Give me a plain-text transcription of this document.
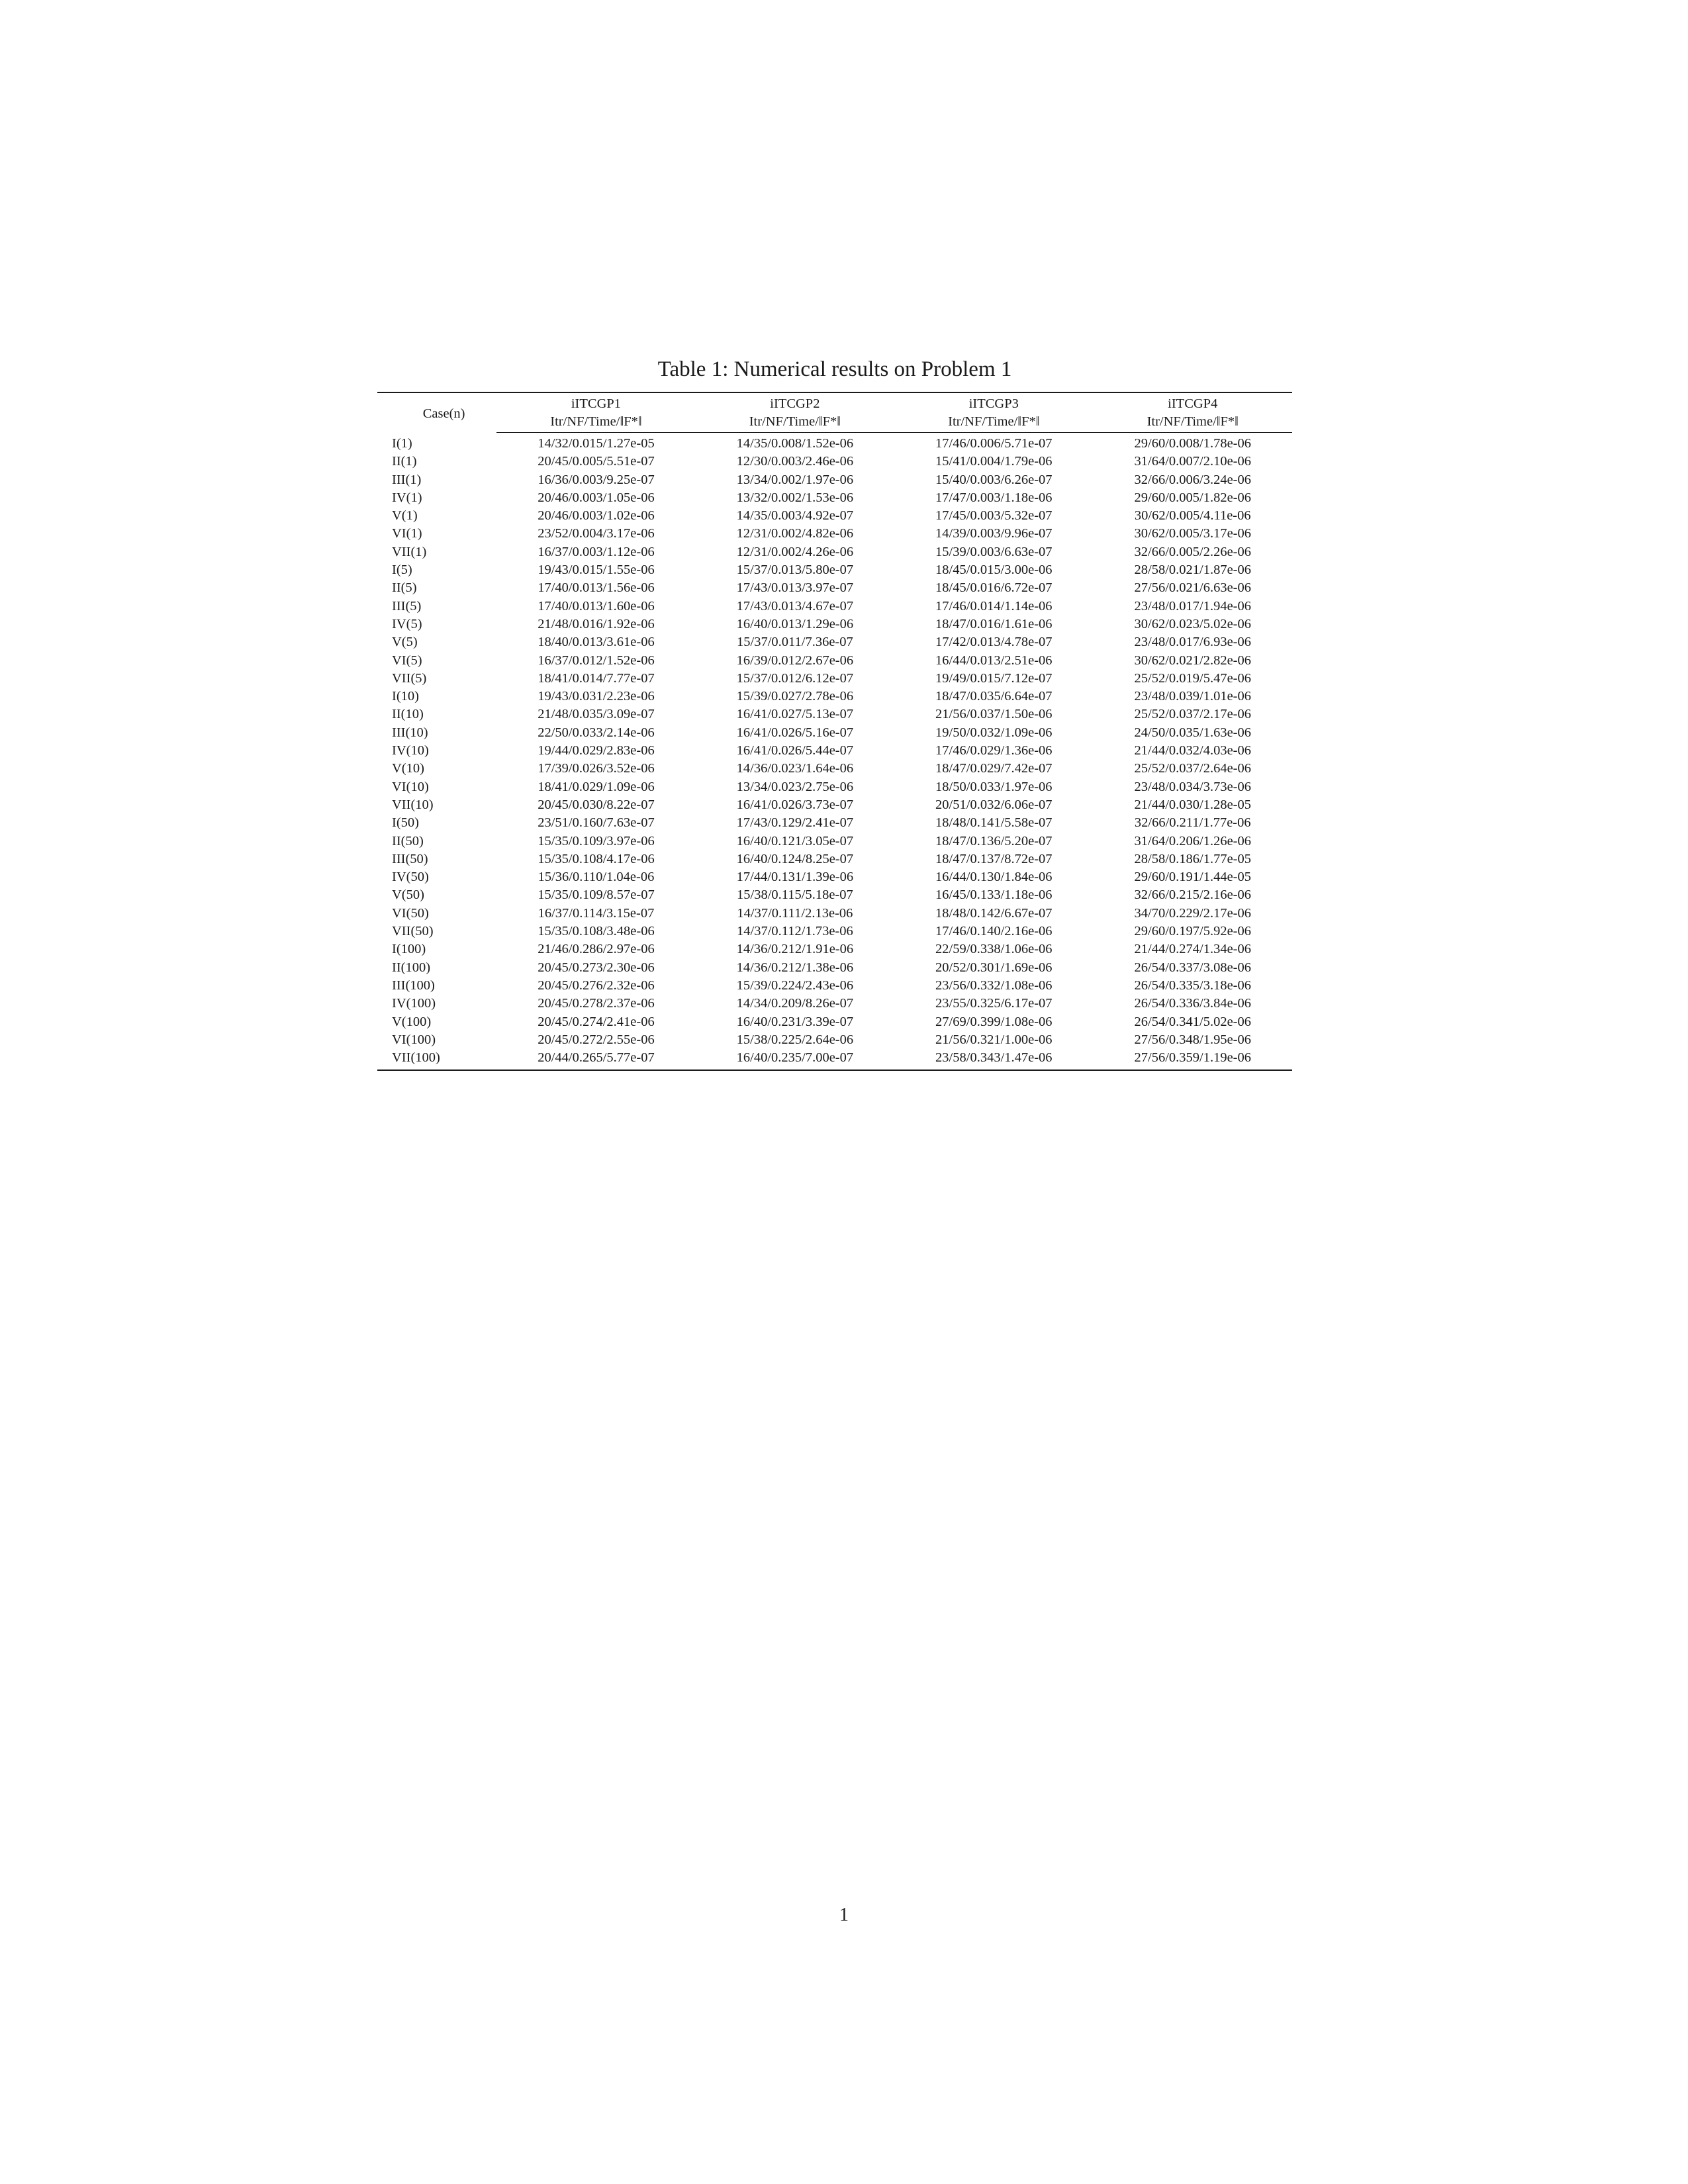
Table 1: Numerical results on Problem 1
Case(n)	iITCGP1	iITCGP2	iITCGP3	iITCGP4
	Itr/NF/Time/‖F*‖	Itr/NF/Time/‖F*‖	Itr/NF/Time/‖F*‖	Itr/NF/Time/‖F*‖
I(1)	14/32/0.015/1.27e-05	14/35/0.008/1.52e-06	17/46/0.006/5.71e-07	29/60/0.008/1.78e-06
II(1)	20/45/0.005/5.51e-07	12/30/0.003/2.46e-06	15/41/0.004/1.79e-06	31/64/0.007/2.10e-06
III(1)	16/36/0.003/9.25e-07	13/34/0.002/1.97e-06	15/40/0.003/6.26e-07	32/66/0.006/3.24e-06
IV(1)	20/46/0.003/1.05e-06	13/32/0.002/1.53e-06	17/47/0.003/1.18e-06	29/60/0.005/1.82e-06
V(1)	20/46/0.003/1.02e-06	14/35/0.003/4.92e-07	17/45/0.003/5.32e-07	30/62/0.005/4.11e-06
VI(1)	23/52/0.004/3.17e-06	12/31/0.002/4.82e-06	14/39/0.003/9.96e-07	30/62/0.005/3.17e-06
VII(1)	16/37/0.003/1.12e-06	12/31/0.002/4.26e-06	15/39/0.003/6.63e-07	32/66/0.005/2.26e-06
I(5)	19/43/0.015/1.55e-06	15/37/0.013/5.80e-07	18/45/0.015/3.00e-06	28/58/0.021/1.87e-06
II(5)	17/40/0.013/1.56e-06	17/43/0.013/3.97e-07	18/45/0.016/6.72e-07	27/56/0.021/6.63e-06
III(5)	17/40/0.013/1.60e-06	17/43/0.013/4.67e-07	17/46/0.014/1.14e-06	23/48/0.017/1.94e-06
IV(5)	21/48/0.016/1.92e-06	16/40/0.013/1.29e-06	18/47/0.016/1.61e-06	30/62/0.023/5.02e-06
V(5)	18/40/0.013/3.61e-06	15/37/0.011/7.36e-07	17/42/0.013/4.78e-07	23/48/0.017/6.93e-06
VI(5)	16/37/0.012/1.52e-06	16/39/0.012/2.67e-06	16/44/0.013/2.51e-06	30/62/0.021/2.82e-06
VII(5)	18/41/0.014/7.77e-07	15/37/0.012/6.12e-07	19/49/0.015/7.12e-07	25/52/0.019/5.47e-06
I(10)	19/43/0.031/2.23e-06	15/39/0.027/2.78e-06	18/47/0.035/6.64e-07	23/48/0.039/1.01e-06
II(10)	21/48/0.035/3.09e-07	16/41/0.027/5.13e-07	21/56/0.037/1.50e-06	25/52/0.037/2.17e-06
III(10)	22/50/0.033/2.14e-06	16/41/0.026/5.16e-07	19/50/0.032/1.09e-06	24/50/0.035/1.63e-06
IV(10)	19/44/0.029/2.83e-06	16/41/0.026/5.44e-07	17/46/0.029/1.36e-06	21/44/0.032/4.03e-06
V(10)	17/39/0.026/3.52e-06	14/36/0.023/1.64e-06	18/47/0.029/7.42e-07	25/52/0.037/2.64e-06
VI(10)	18/41/0.029/1.09e-06	13/34/0.023/2.75e-06	18/50/0.033/1.97e-06	23/48/0.034/3.73e-06
VII(10)	20/45/0.030/8.22e-07	16/41/0.026/3.73e-07	20/51/0.032/6.06e-07	21/44/0.030/1.28e-05
I(50)	23/51/0.160/7.63e-07	17/43/0.129/2.41e-07	18/48/0.141/5.58e-07	32/66/0.211/1.77e-06
II(50)	15/35/0.109/3.97e-06	16/40/0.121/3.05e-07	18/47/0.136/5.20e-07	31/64/0.206/1.26e-06
III(50)	15/35/0.108/4.17e-06	16/40/0.124/8.25e-07	18/47/0.137/8.72e-07	28/58/0.186/1.77e-05
IV(50)	15/36/0.110/1.04e-06	17/44/0.131/1.39e-06	16/44/0.130/1.84e-06	29/60/0.191/1.44e-05
V(50)	15/35/0.109/8.57e-07	15/38/0.115/5.18e-07	16/45/0.133/1.18e-06	32/66/0.215/2.16e-06
VI(50)	16/37/0.114/3.15e-07	14/37/0.111/2.13e-06	18/48/0.142/6.67e-07	34/70/0.229/2.17e-06
VII(50)	15/35/0.108/3.48e-06	14/37/0.112/1.73e-06	17/46/0.140/2.16e-06	29/60/0.197/5.92e-06
I(100)	21/46/0.286/2.97e-06	14/36/0.212/1.91e-06	22/59/0.338/1.06e-06	21/44/0.274/1.34e-06
II(100)	20/45/0.273/2.30e-06	14/36/0.212/1.38e-06	20/52/0.301/1.69e-06	26/54/0.337/3.08e-06
III(100)	20/45/0.276/2.32e-06	15/39/0.224/2.43e-06	23/56/0.332/1.08e-06	26/54/0.335/3.18e-06
IV(100)	20/45/0.278/2.37e-06	14/34/0.209/8.26e-07	23/55/0.325/6.17e-07	26/54/0.336/3.84e-06
V(100)	20/45/0.274/2.41e-06	16/40/0.231/3.39e-07	27/69/0.399/1.08e-06	26/54/0.341/5.02e-06
VI(100)	20/45/0.272/2.55e-06	15/38/0.225/2.64e-06	21/56/0.321/1.00e-06	27/56/0.348/1.95e-06
VII(100)	20/44/0.265/5.77e-07	16/40/0.235/7.00e-07	23/58/0.343/1.47e-06	27/56/0.359/1.19e-06
1
